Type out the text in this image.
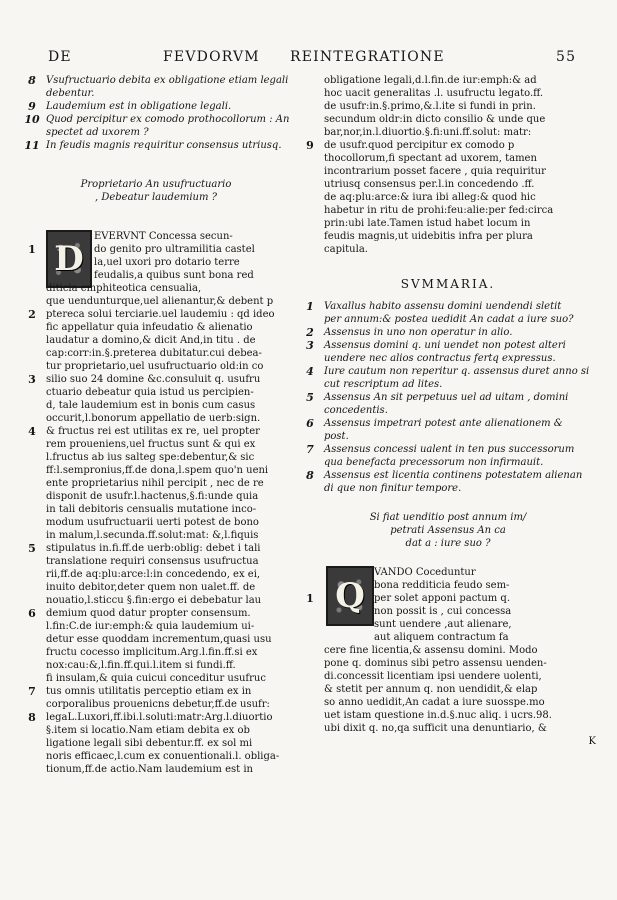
DE	FEVDORVM REINTEGRATIONE	55
8	Vsufructuario debita ex obligatione etiam legali
debentur.
9	Laudemium est in obligatione legali.
10 Quod percipitur ex comodo prothocollorum : An
spectet ad uxorem ?
11 In feudis magnis requiritur consensus utriusq.
Proprietario An usufructuario
, Debeatur laudemium ?
D
EVERVNT Concessa secun-
1	do genito pro ultramilitia castel
la,uel uxori pro dotario terre
feudalis,a quibus sunt bona red
diticia emphiteotica censualia,
que uendunturque,uel alienantur,& debent p
2	ptereca solui terciarie.uel laudemiu : qd ideo
fic appellatur quia infeudatio & alienatio
laudatur a domino,& dicit And,in titu . de
cap:corr:in.§.preterea dubitatur.cui debea-
tur proprietario,uel usufructuario old:in co
3	silio suo 24 domine &c.consuluit q. usufru
ctuario debeatur quia istud us percipien-
d, tale laudemium est in bonis cum casus
occurit,l.bonorum appellatio de uerb:sign.
4	& fructus rei est utilitas ex re, uel propter
rem proueniens,uel fructus sunt & qui ex
l.fructus ab ius salteg spe:debentur,& sic
ff:l.sempronius,ff.de dona,l.spem quo'n ueni
ente proprietarius nihil percipit , nec de re
disponit de usufr.l.hactenus,§.fi:unde quia
in tali debitoris censualis mutatione inco-
modum usufructuarii uerti potest de bono
in malum,l.secunda.ff.solut:mat: &,l.fiquis
5	stipulatus in.fi.ff.de uerb:oblig: debet i tali
translatione requiri consensus usufructua
rii,ff.de aq:plu:arce:l:in concedendo, ex ei,
inuito debitor,deter quem non ualet.ff. de
nouatio,l.sticcu §.fin:ergo ei debebatur lau
6	demium quod datur propter consensum.
l.fin:C.de iur:emph:& quia laudemium ui-
detur esse quoddam incrementum,quasi usu
fructu cocesso implicitum.Arg.l.fin.ff.si ex
nox:cau:&,l.fin.ff.qui.l.item si fundi.ff.
fi insulam,& quia cuicui conceditur usufruc
7	tus omnis utilitatis perceptio etiam ex in
corporalibus prouenicns debetur,ff.de usufr:
8	legaL.Luxori,ff.ibi.l.soluti:matr:Arg.l.diuortio
§.item si locatio.Nam etiam debita ex ob
ligatione legali sibi debentur.ff. ex sol mi
noris efficaec,l.cum ex conuentionali.l. obliga-
tionum,ff.de actio.Nam laudemium est in
obligatione legali,d.l.fin.de iur:emph:& ad
hoc uacit generalitas .l. usufructu legato.ff.
de usufr:in.§.primo,&.l.ite si fundi in prin.
secundum oldr:in dicto consilio & unde que
bar,nor,in.l.diuortio.§.fi:uni.ff.solut: matr:
9	de usufr.quod percipitur ex comodo p
thocollorum,fi spectant ad uxorem, tamen
incontrarium posset facere , quia requiritur
utriusq consensus per.l.in concedendo .ff.
de aq:plu:arce:& iura ibi alleg:& quod hic
habetur in ritu de prohi:feu:alie:per fed:circa
prin:ubi late.Tamen istud habet locum in
feudis magnis,ut uidebitis infra per plura
capitula.
SVMMARIA.
1	Vaxallus habito assensu domini uendendi sletit
per annum:& postea uedidit An cadat a iure suo?
2	Assensus in uno non operatur in alio.
3	Assensus domini q. uni uendet non potest alteri
uendere nec alios contractus fertq expressus.
4	Iure cautum non reperitur q. assensus duret anno si
cut rescriptum ad lites.
5	Assensus An sit perpetuus uel ad uitam , domini
concedentis.
6	Assensus impetrari potest ante alienationem &
post.
7	Assensus concessi ualent in ten pus successorum
qua benefacta precessorum non infirmauit.
8	Assensus est licentia continens potestatem alienan
di que non finitur tempore.
Si fiat uenditio post annum im/
petrati Assensus An ca
dat a : iure suo ?
Q
VANDO Coceduntur
bona redditicia feudo sem-
1	per solet apponi pactum q.
non possit is , cui concessa
sunt uendere ,aut alienare,
aut aliquem contractum fa
cere fine licentia,& assensu domini. Modo
pone q. dominus sibi petro assensu uenden-
di.concessit licentiam ipsi uendere uolenti,
& stetit per annum q. non uendidit,& elap
so anno uedidit,An cadat a iure suosspe.mo
uet istam questione in.d.§.nuc aliq. i ucrs.98.
ubi dixit q. no,qa sufficit una denuntiario, &
K
